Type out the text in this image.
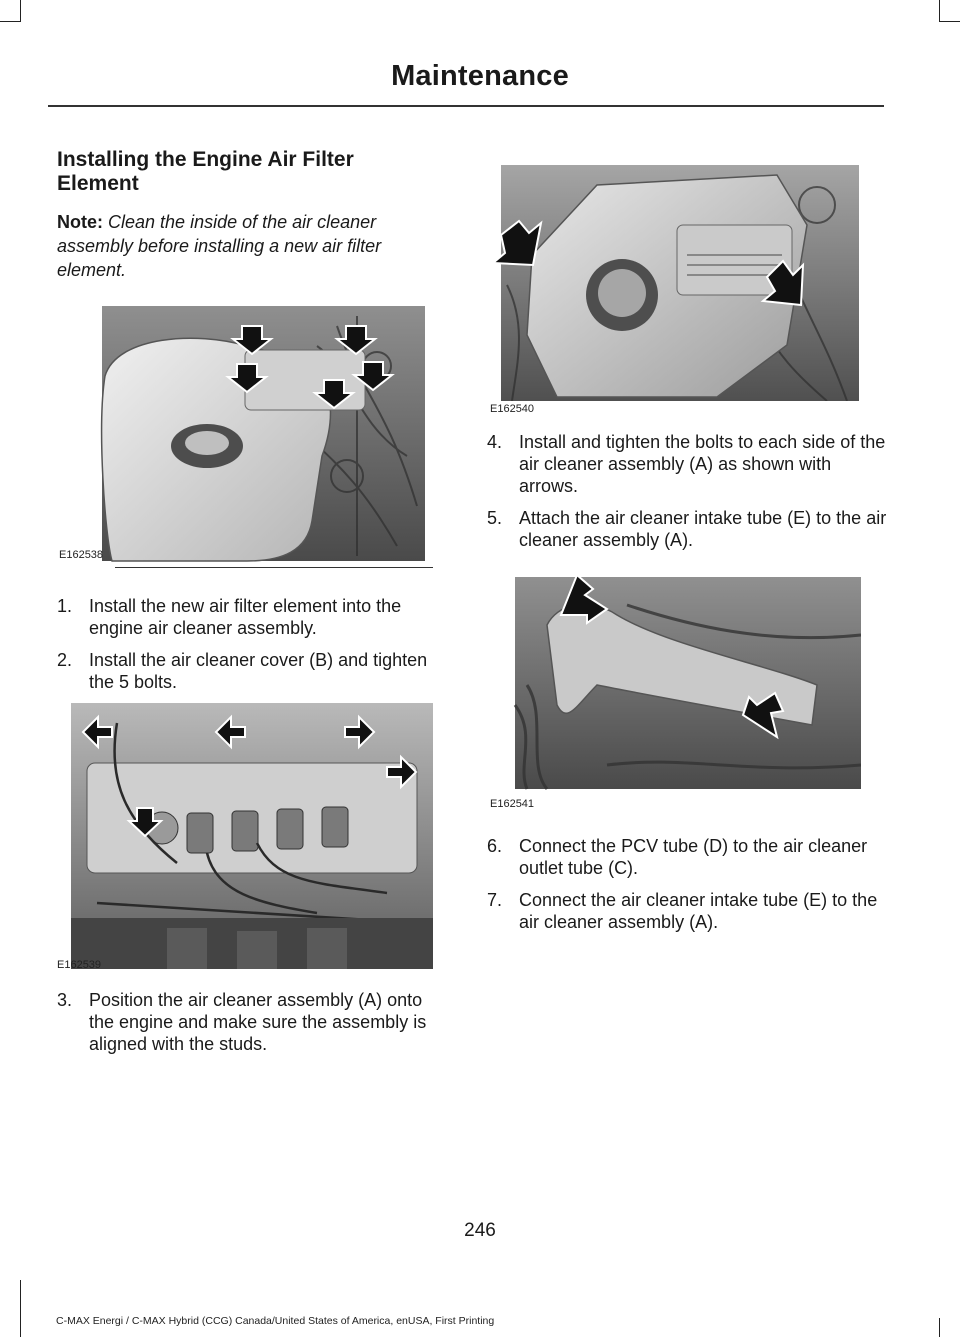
Maintenance
Installing the Engine Air Filter Element

Note: Clean the inside of the air cleaner assembly before installing a new air filter element.

E162538
1. Install the new air filter element into the engine air cleaner assembly.
2. Install the air cleaner cover (B) and tighten the 5 bolts.
E162539
3. Position the air cleaner assembly (A) onto the engine and make sure the assembly is aligned with the studs.
E162540
4. Install and tighten the bolts to each side of the air cleaner assembly (A) as shown with arrows.
5. Attach the air cleaner intake tube (E) to the air cleaner assembly (A).
E162541
6. Connect the PCV tube (D) to the air cleaner outlet tube (C).
7. Connect the air cleaner intake tube (E) to the air cleaner assembly (A).
246
C-MAX Energi / C-MAX Hybrid (CCG) Canada/United States of America, enUSA, First Printing
